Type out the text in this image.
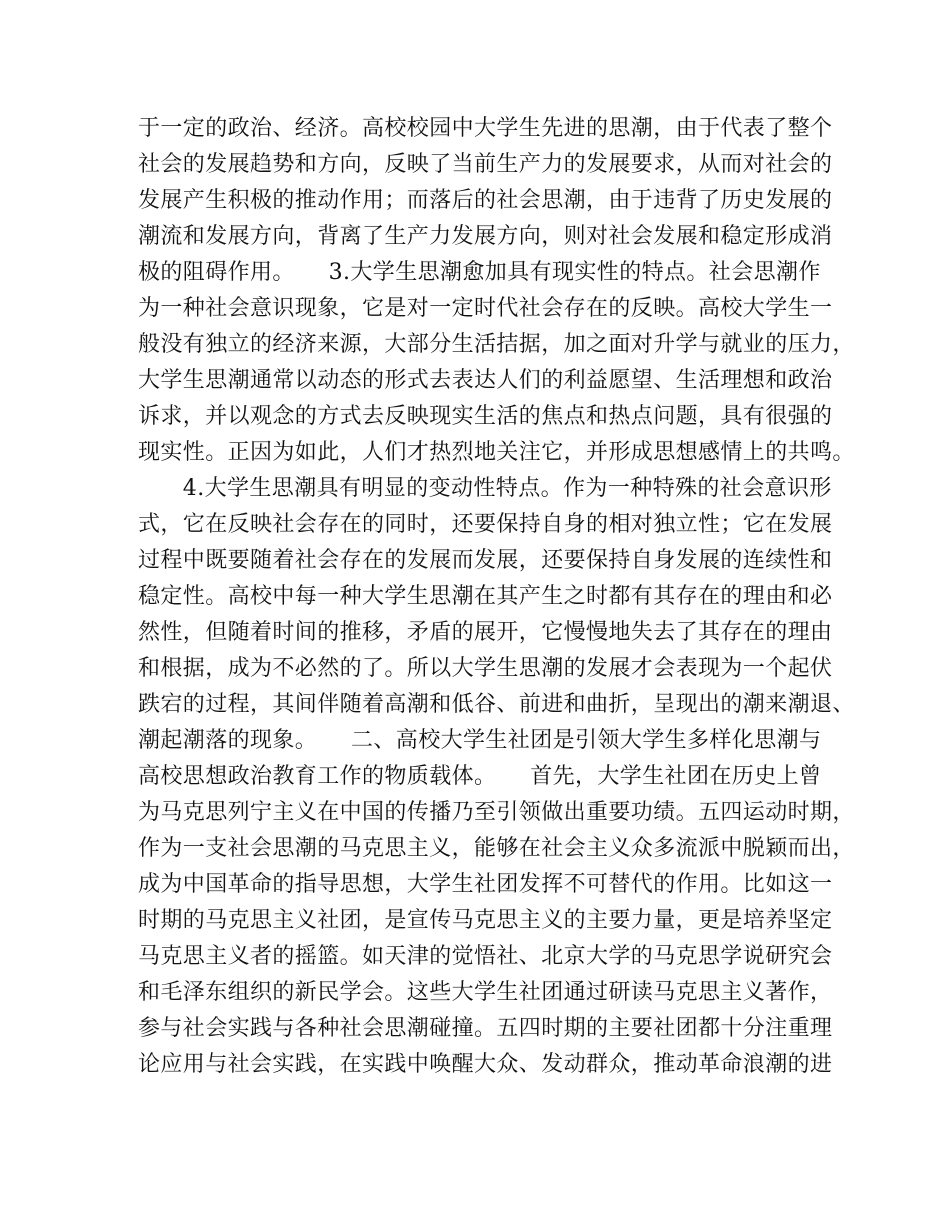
于一定的政治、经济。高校校园中大学生先进的思潮，由于代表了整个
社会的发展趋势和方向，反映了当前生产力的发展要求，从而对社会的
发展产生积极的推动作用；而落后的社会思潮，由于违背了历史发展的
潮流和发展方向，背离了生产力发展方向，则对社会发展和稳定形成消
极的阻碍作用。　　3.大学生思潮愈加具有现实性的特点。社会思潮作
为一种社会意识现象，它是对一定时代社会存在的反映。高校大学生一
般没有独立的经济来源，大部分生活拮据，加之面对升学与就业的压力，
大学生思潮通常以动态的形式去表达人们的利益愿望、生活理想和政治
诉求，并以观念的方式去反映现实生活的焦点和热点问题，具有很强的
现实性。正因为如此，人们才热烈地关注它，并形成思想感情上的共鸣。
　　4.大学生思潮具有明显的变动性特点。作为一种特殊的社会意识形
式，它在反映社会存在的同时，还要保持自身的相对独立性；它在发展
过程中既要随着社会存在的发展而发展，还要保持自身发展的连续性和
稳定性。高校中每一种大学生思潮在其产生之时都有其存在的理由和必
然性，但随着时间的推移，矛盾的展开，它慢慢地失去了其存在的理由
和根据，成为不必然的了。所以大学生思潮的发展才会表现为一个起伏
跌宕的过程，其间伴随着高潮和低谷、前进和曲折，呈现出的潮来潮退、
潮起潮落的现象。　　二、高校大学生社团是引领大学生多样化思潮与
高校思想政治教育工作的物质载体。　　首先，大学生社团在历史上曾
为马克思列宁主义在中国的传播乃至引领做出重要功绩。五四运动时期，
作为一支社会思潮的马克思主义，能够在社会主义众多流派中脱颖而出，
成为中国革命的指导思想，大学生社团发挥不可替代的作用。比如这一
时期的马克思主义社团，是宣传马克思主义的主要力量，更是培养坚定
马克思主义者的摇篮。如天津的觉悟社、北京大学的马克思学说研究会
和毛泽东组织的新民学会。这些大学生社团通过研读马克思主义著作，
参与社会实践与各种社会思潮碰撞。五四时期的主要社团都十分注重理
论应用与社会实践，在实践中唤醒大众、发动群众，推动革命浪潮的进
